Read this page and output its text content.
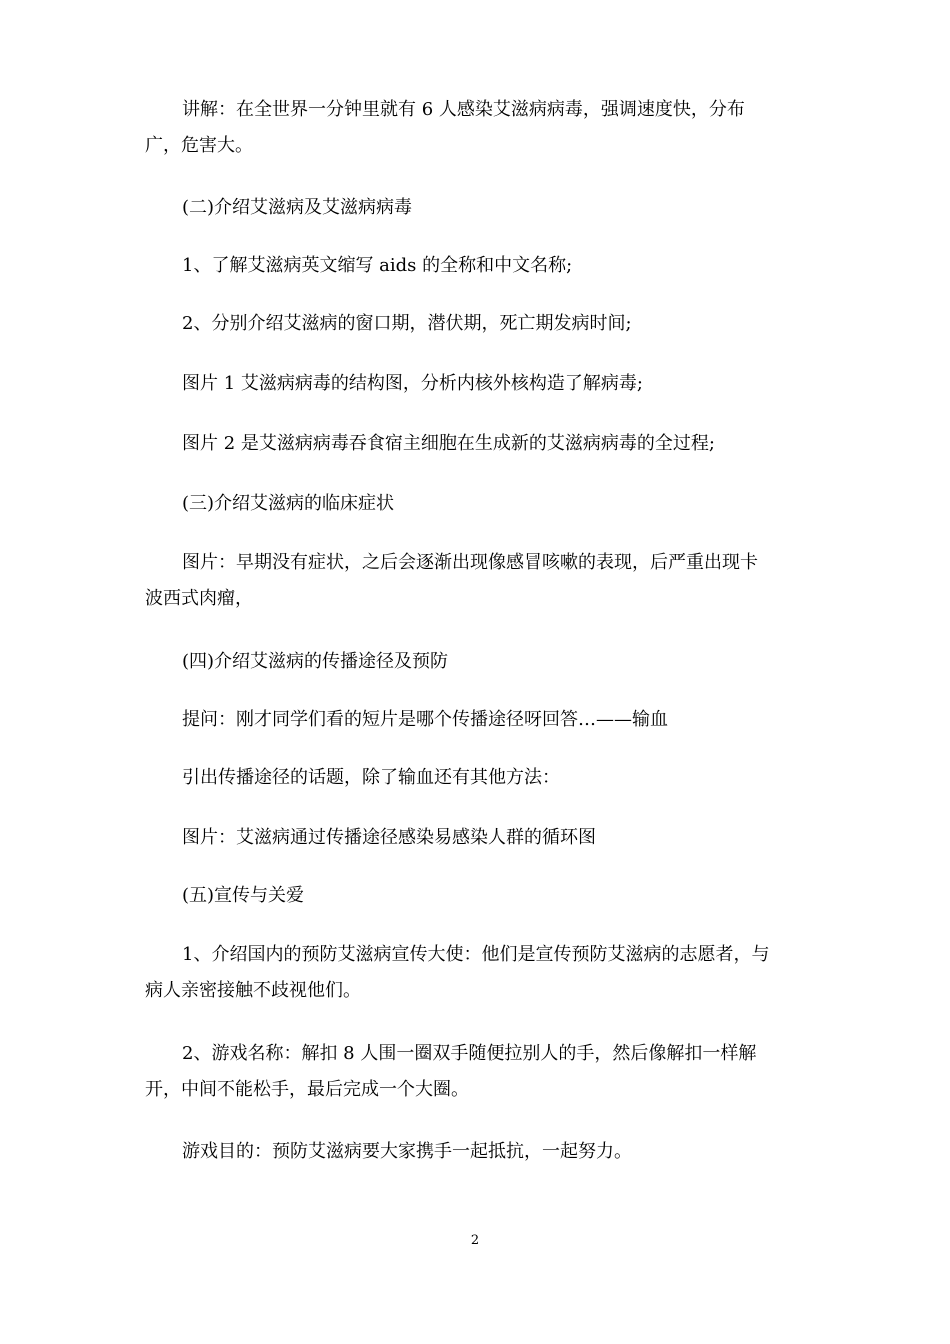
讲解：在全世界一分钟里就有 6 人感染艾滋病病毒，强调速度快，分布
广，危害大。
(二)介绍艾滋病及艾滋病病毒
1、了解艾滋病英文缩写 aids 的全称和中文名称;
2、分别介绍艾滋病的窗口期，潜伏期，死亡期发病时间;
图片 1 艾滋病病毒的结构图，分析内核外核构造了解病毒;
图片 2 是艾滋病病毒吞食宿主细胞在生成新的艾滋病病毒的全过程;
(三)介绍艾滋病的临床症状
图片：早期没有症状，之后会逐渐出现像感冒咳嗽的表现，后严重出现卡
波西式肉瘤，
(四)介绍艾滋病的传播途径及预防
提问：刚才同学们看的短片是哪个传播途径呀回答…——输血
引出传播途径的话题，除了输血还有其他方法：
图片：艾滋病通过传播途径感染易感染人群的循环图
(五)宣传与关爱
1、介绍国内的预防艾滋病宣传大使：他们是宣传预防艾滋病的志愿者，与
病人亲密接触不歧视他们。
2、游戏名称：解扣 8 人围一圈双手随便拉别人的手，然后像解扣一样解
开，中间不能松手，最后完成一个大圈。
游戏目的：预防艾滋病要大家携手一起抵抗，一起努力。
2
